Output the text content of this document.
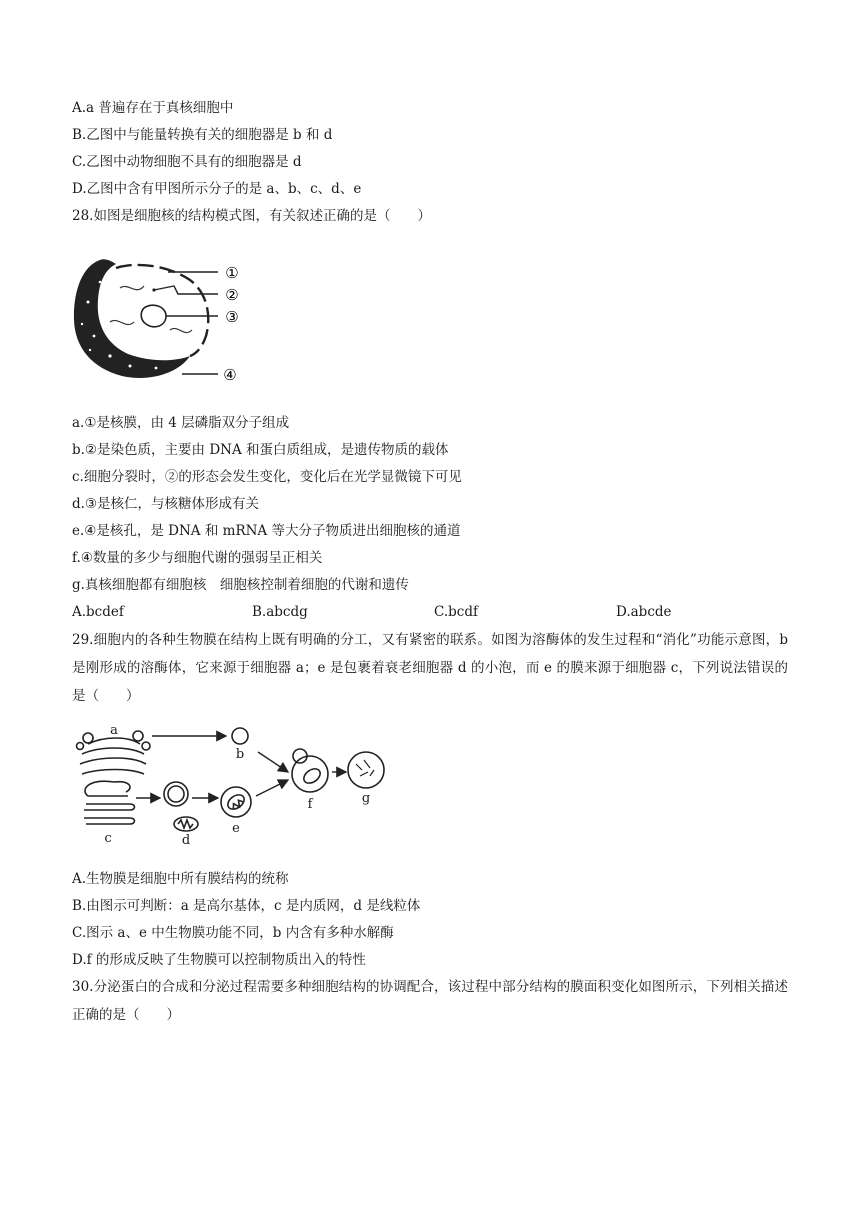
A.a 普遍存在于真核细胞中
B.乙图中与能量转换有关的细胞器是 b 和 d
C.乙图中动物细胞不具有的细胞器是 d
D.乙图中含有甲图所示分子的是 a、b、c、d、e
28.如图是细胞核的结构模式图，有关叙述正确的是（　　）
①
②
③
④
a.①是核膜，由 4 层磷脂双分子组成
b.②是染色质，主要由 DNA 和蛋白质组成，是遗传物质的载体
c.细胞分裂时，②的形态会发生变化，变化后在光学显微镜下可见
d.③是核仁，与核糖体形成有关
e.④是核孔，是 DNA 和 mRNA 等大分子物质进出细胞核的通道
f.④数量的多少与细胞代谢的强弱呈正相关
g.真核细胞都有细胞核　细胞核控制着细胞的代谢和遗传
A.bcdef	B.abcdg	C.bcdf	D.abcde
29.细胞内的各种生物膜在结构上既有明确的分工，又有紧密的联系。如图为溶酶体的发生过程和“消化”功能示意图，b 是刚形成的溶酶体，它来源于细胞器 a；e 是包裹着衰老细胞器 d 的小泡，而 e 的膜来源于细胞器 c，下列说法错误的是（　　）
a
b
c	d
e
f	g
A.生物膜是细胞中所有膜结构的统称
B.由图示可判断：a 是高尔基体，c 是内质网，d 是线粒体
C.图示 a、e 中生物膜功能不同，b 内含有多种水解酶
D.f 的形成反映了生物膜可以控制物质出入的特性
30.分泌蛋白的合成和分泌过程需要多种细胞结构的协调配合，该过程中部分结构的膜面积变化如图所示，下列相关描述正确的是（　　）
